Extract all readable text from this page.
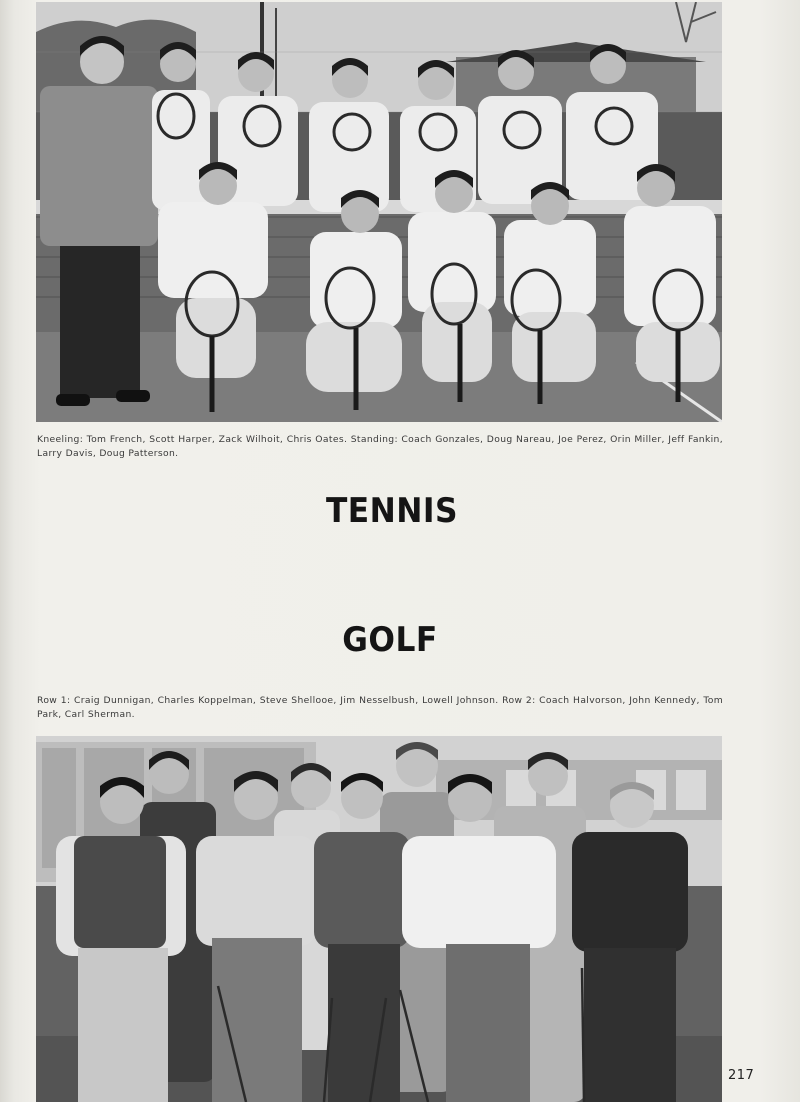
Kneeling: Tom French, Scott Harper, Zack Wilhoit, Chris Oates. Standing: Coach Gonzales, Doug Nareau, Joe Perez, Orin Miller, Jeff Fankin, Larry Davis, Doug Patterson.
TENNIS
GOLF
Row 1: Craig Dunnigan, Charles Koppelman, Steve Shellooe, Jim Nesselbush, Lowell Johnson. Row 2: Coach Halvorson, John Kennedy, Tom Park, Carl Sherman.
217
